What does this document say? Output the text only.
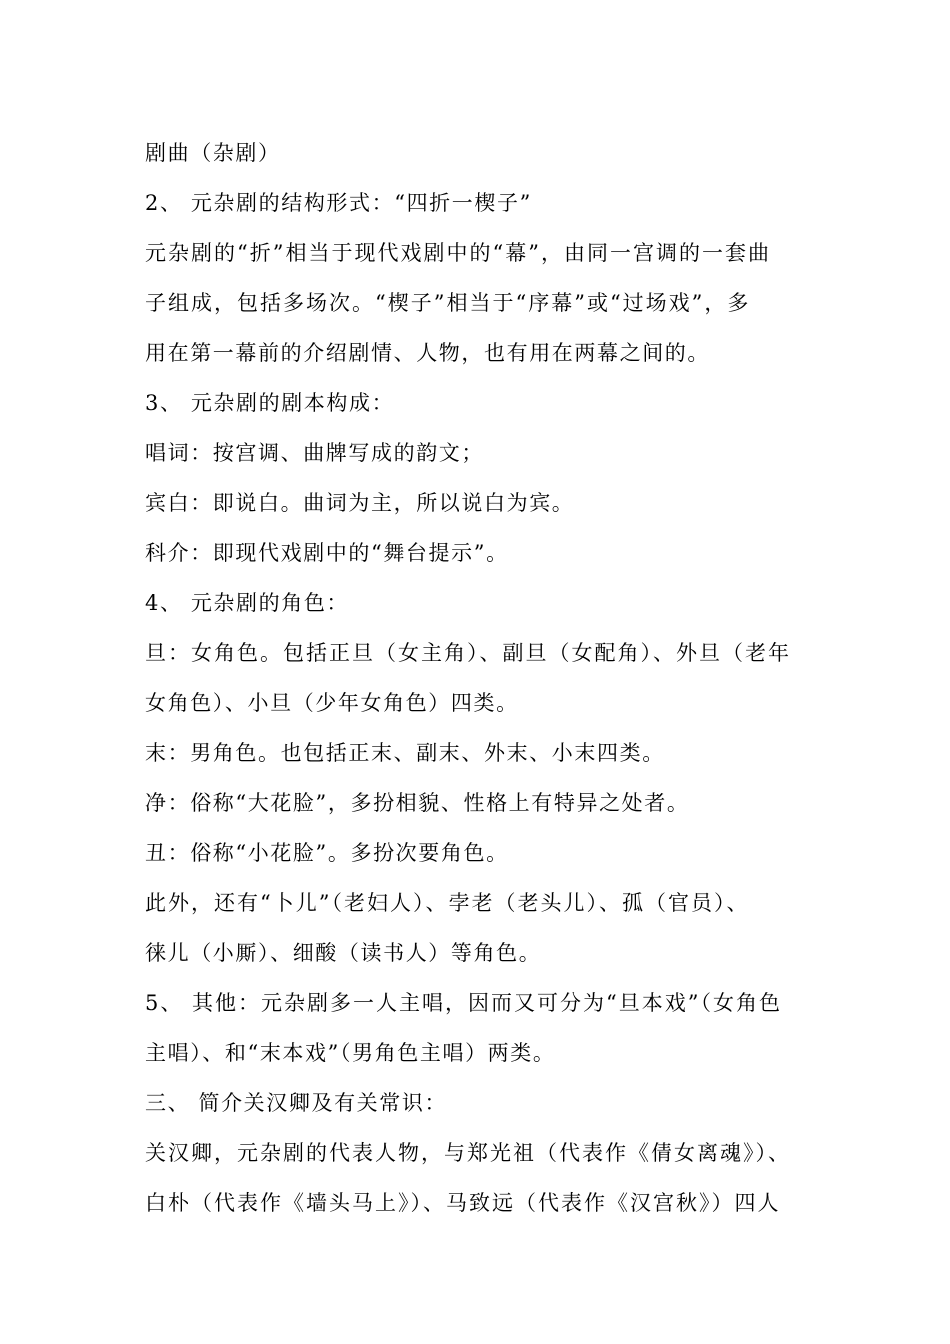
剧曲（杂剧）
2、 元杂剧的结构形式：“四折一楔子”
元杂剧的“折”相当于现代戏剧中的“幕”，由同一宫调的一套曲
子组成，包括多场次。“楔子”相当于“序幕”或“过场戏”，多
用在第一幕前的介绍剧情、人物，也有用在两幕之间的。
3、 元杂剧的剧本构成：
唱词：按宫调、曲牌写成的韵文；
宾白：即说白。曲词为主，所以说白为宾。
科介：即现代戏剧中的“舞台提示”。
4、 元杂剧的角色：
旦：女角色。包括正旦（女主角）、副旦（女配角）、外旦（老年
女角色）、小旦（少年女角色）四类。
末：男角色。也包括正末、副末、外末、小末四类。
净：俗称“大花脸”，多扮相貌、性格上有特异之处者。
丑：俗称“小花脸”。多扮次要角色。
此外，还有“卜儿”（老妇人）、孛老（老头儿）、孤（官员）、
徕儿（小厮）、细酸（读书人）等角色。
5、 其他：元杂剧多一人主唱，因而又可分为“旦本戏”（女角色
主唱）、和“末本戏”（男角色主唱）两类。
三、 简介关汉卿及有关常识：
关汉卿，元杂剧的代表人物，与郑光祖（代表作《倩女离魂》）、
白朴（代表作《墙头马上》）、马致远（代表作《汉宫秋》）四人
